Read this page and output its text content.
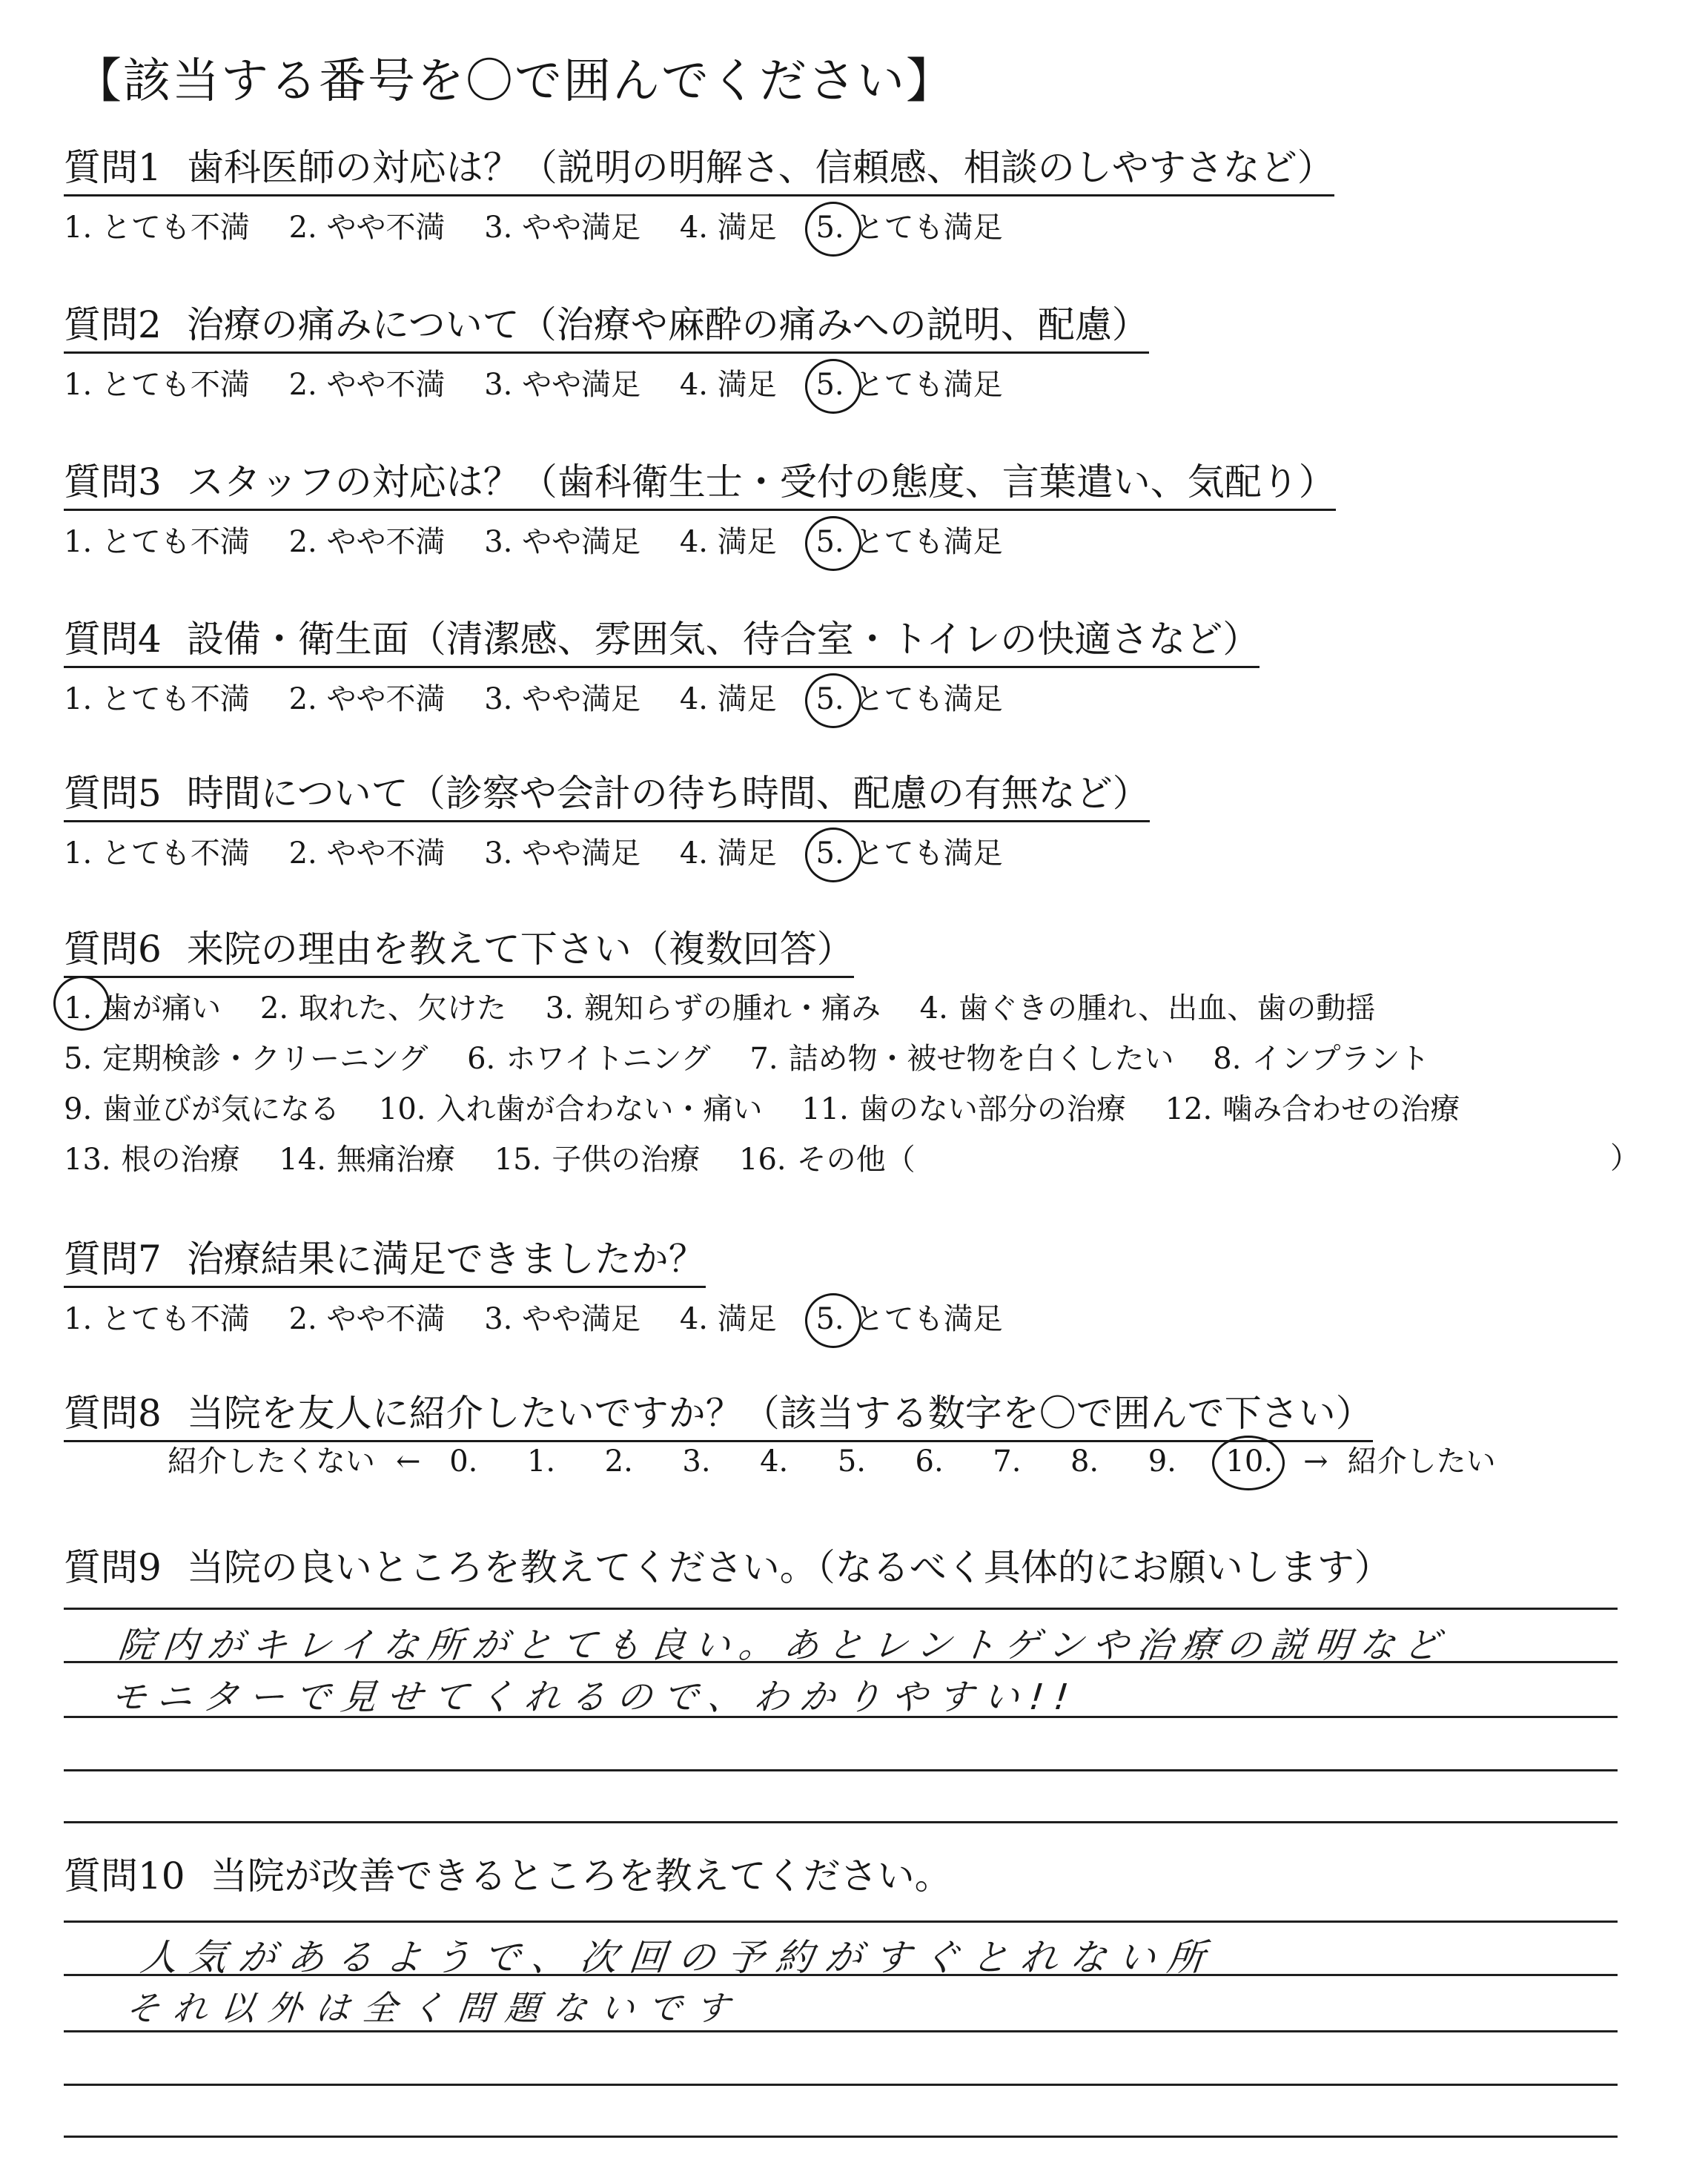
【該当する番号を〇で囲んでください】
質問1 歯科医師の対応は？（説明の明解さ、信頼感、相談のしやすさなど）
1. とても不満 2. やや不満 3. やや満足 4. 満足 5. とても満足
質問2 治療の痛みについて（治療や麻酔の痛みへの説明、配慮）
1. とても不満 2. やや不満 3. やや満足 4. 満足 5. とても満足
質問3 スタッフの対応は？（歯科衛生士・受付の態度、言葉遣い、気配り）
1. とても不満 2. やや不満 3. やや満足 4. 満足 5. とても満足
質問4 設備・衛生面（清潔感、雰囲気、待合室・トイレの快適さなど）
1. とても不満 2. やや不満 3. やや満足 4. 満足 5. とても満足
質問5 時間について（診察や会計の待ち時間、配慮の有無など）
1. とても不満 2. やや不満 3. やや満足 4. 満足 5. とても満足
質問6 来院の理由を教えて下さい（複数回答）
1. 歯が痛い 2. 取れた、欠けた 3. 親知らずの腫れ・痛み 4. 歯ぐきの腫れ、出血、歯の動揺
5. 定期検診・クリーニング 6. ホワイトニング 7. 詰め物・被せ物を白くしたい 8. インプラント
9. 歯並びが気になる 10. 入れ歯が合わない・痛い 11. 歯のない部分の治療 12. 噛み合わせの治療
13. 根の治療 14. 無痛治療 15. 子供の治療 16. その他（	）
質問7 治療結果に満足できましたか？
1. とても不満 2. やや不満 3. やや満足 4. 満足 5. とても満足
質問8 当院を友人に紹介したいですか？（該当する数字を〇で囲んで下さい）
紹介したくない ← 0. 1. 2. 3. 4. 5. 6. 7. 8. 9. 10. → 紹介したい
質問9 当院の良いところを教えてください。（なるべく具体的にお願いします）
院内がキレイな所がとても良い。あとレントゲンや治療の説明など
モニターで見せてくれるので、わかりやすい!!
質問10 当院が改善できるところを教えてください。
人気があるようで、次回の予約がすぐとれない所
それ以外は全く問題ないです
